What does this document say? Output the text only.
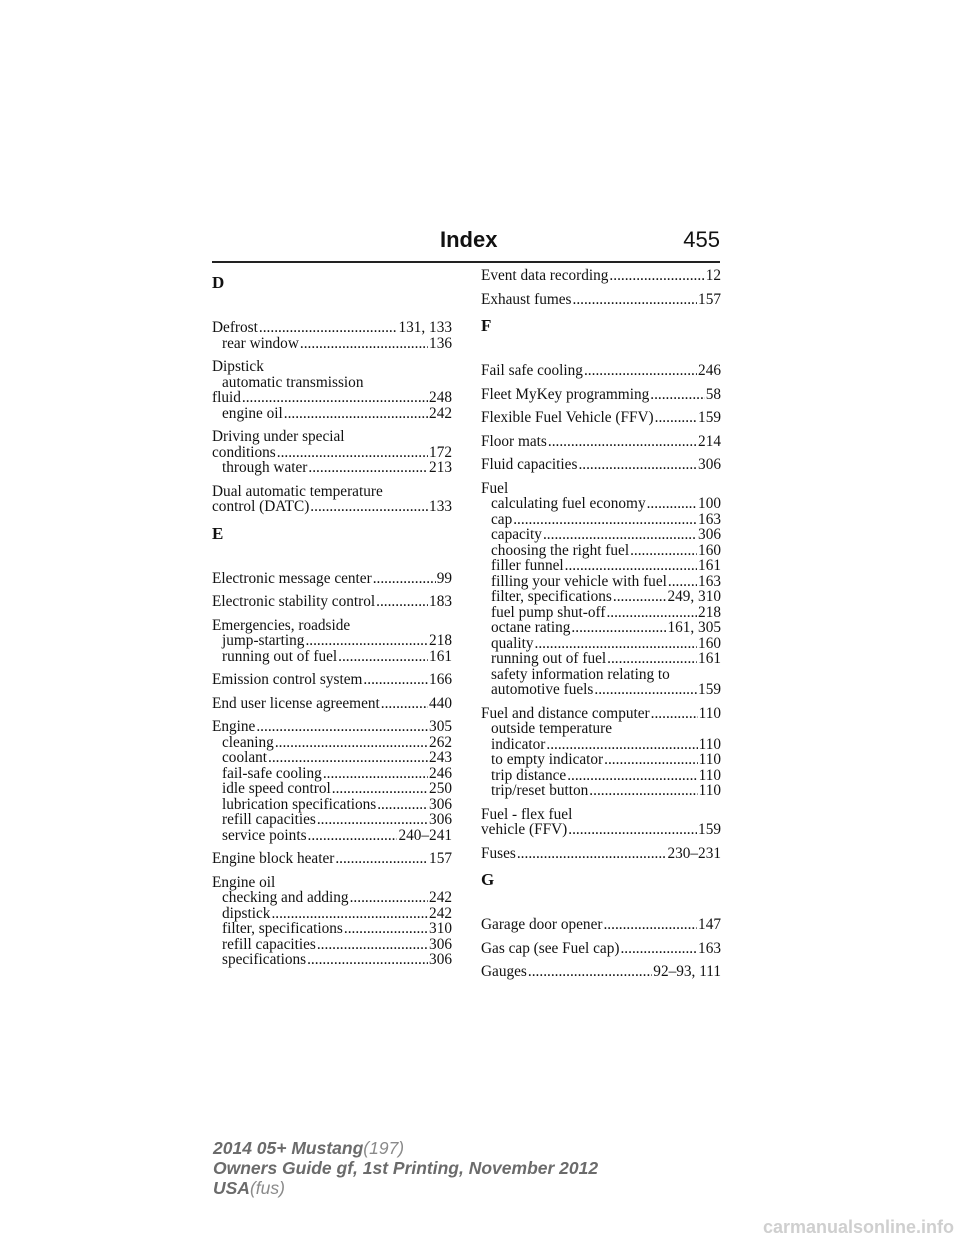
Index	455
D
Defrost .....	131, 133
rear window .....	136
Dipstick
automatic transmission
fluid .....	248
engine oil .....	242
Driving under special
conditions .....	172
through water .....	213
Dual automatic temperature
control (DATC) .....	133
E
Electronic message center .....	99
Electronic stability control .....	183
Emergencies, roadside
jump-starting .....	218
running out of fuel .....	161
Emission control system .....	166
End user license agreement .....	440
Engine .....	305
cleaning .....	262
coolant .....	243
fail-safe cooling .....	246
idle speed control .....	250
lubrication specifications .....	306
refill capacities .....	306
service points .....	240–241
Engine block heater .....	157
Engine oil
checking and adding .....	242
dipstick .....	242
filter, specifications .....	310
refill capacities .....	306
specifications .....	306
Event data recording .....	12
Exhaust fumes .....	157
F
Fail safe cooling .....	246
Fleet MyKey programming .....	58
Flexible Fuel Vehicle (FFV) .....	159
Floor mats .....	214
Fluid capacities .....	306
Fuel
calculating fuel economy .....	100
cap .....	163
capacity .....	306
choosing the right fuel .....	160
filler funnel .....	161
filling your vehicle with fuel ..... 163
filter, specifications .....	249, 310
fuel pump shut-off .....	218
octane rating .....	161, 305
quality .....	160
running out of fuel .....	161
safety information relating to
automotive fuels .....	159
Fuel and distance computer .....	110
outside temperature
indicator .....	110
to empty indicator .....	110
trip distance .....	110
trip/reset button .....	110
Fuel - flex fuel
vehicle (FFV) .....	159
Fuses .....	230–231
G
Garage door opener .....	147
Gas cap (see Fuel cap) .....	163
Gauges .....	92–93, 111
2014 05+ Mustang(197)
Owners Guide gf, 1st Printing, November 2012
USA(fus)
carmanualsonline.info
